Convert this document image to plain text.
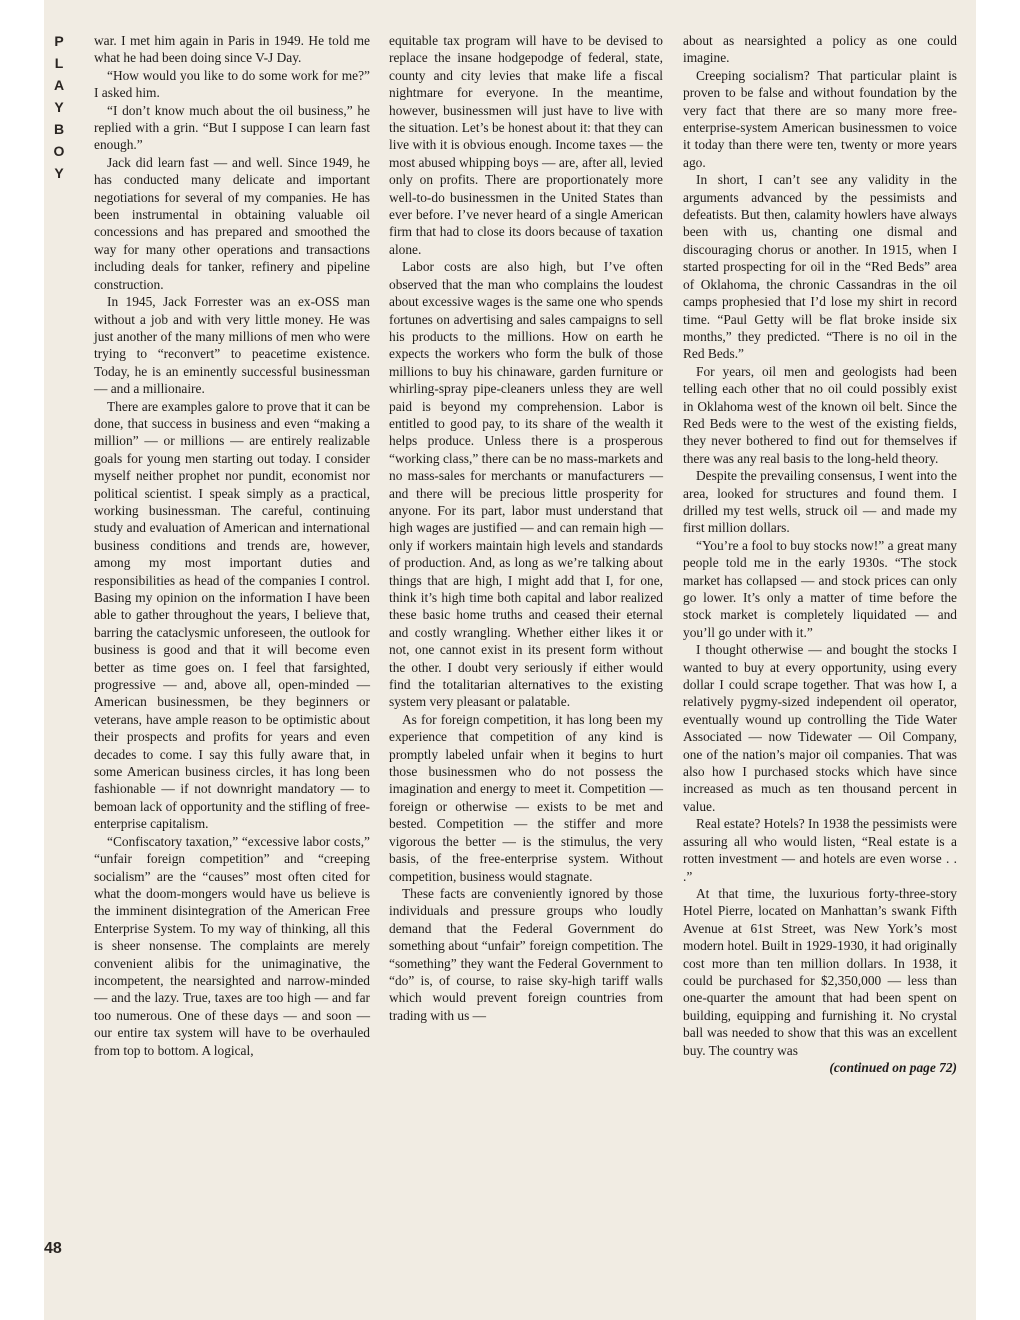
P
L
A
Y
B
O
Y
48

war. I met him again in Paris in 1949. He told me what he had been doing since V-J Day.

“How would you like to do some work for me?” I asked him.

“I don’t know much about the oil business,” he replied with a grin. “But I suppose I can learn fast enough.”

Jack did learn fast — and well. Since 1949, he has conducted many delicate and important negotiations for several of my companies. He has been instrumental in obtaining valuable oil concessions and has prepared and smoothed the way for many other operations and transactions including deals for tanker, refinery and pipeline construction.

In 1945, Jack Forrester was an ex-OSS man without a job and with very little money. He was just another of the many millions of men who were trying to “reconvert” to peacetime existence. Today, he is an eminently successful businessman — and a millionaire.

There are examples galore to prove that it can be done, that success in business and even “making a million” — or millions — are entirely realizable goals for young men starting out today. I consider myself neither prophet nor pundit, economist nor political scientist. I speak simply as a practical, working businessman. The careful, continuing study and evaluation of American and international business conditions and trends are, however, among my most important duties and responsibilities as head of the companies I control. Basing my opinion on the information I have been able to gather throughout the years, I believe that, barring the cataclysmic unforeseen, the outlook for business is good and that it will become even better as time goes on. I feel that farsighted, progressive — and, above all, open-minded — American businessmen, be they beginners or veterans, have ample reason to be optimistic about their prospects and profits for years and even decades to come. I say this fully aware that, in some American business circles, it has long been fashionable — if not downright mandatory — to bemoan lack of opportunity and the stifling of free-enterprise capitalism.

“Confiscatory taxation,” “excessive labor costs,” “unfair foreign competition” and “creeping socialism” are the “causes” most often cited for what the doom-mongers would have us believe is the imminent disintegration of the American Free Enterprise System. To my way of thinking, all this is sheer nonsense. The complaints are merely convenient alibis for the unimaginative, the incompetent, the nearsighted and narrow-minded — and the lazy. True, taxes are too high — and far too numerous. One of these days — and soon — our entire tax system will have to be overhauled from top to bottom. A logical,

equitable tax program will have to be devised to replace the insane hodgepodge of federal, state, county and city levies that make life a fiscal nightmare for everyone. In the meantime, however, businessmen will just have to live with the situation. Let’s be honest about it: that they can live with it is obvious enough. Income taxes — the most abused whipping boys — are, after all, levied only on profits. There are proportionately more well-to-do businessmen in the United States than ever before. I’ve never heard of a single American firm that had to close its doors because of taxation alone.

Labor costs are also high, but I’ve often observed that the man who complains the loudest about excessive wages is the same one who spends fortunes on advertising and sales campaigns to sell his products to the millions. How on earth he expects the workers who form the bulk of those millions to buy his chinaware, garden furniture or whirling-spray pipe-cleaners unless they are well paid is beyond my comprehension. Labor is entitled to good pay, to its share of the wealth it helps produce. Unless there is a prosperous “working class,” there can be no mass-markets and no mass-sales for merchants or manufacturers — and there will be precious little prosperity for anyone. For its part, labor must understand that high wages are justified — and can remain high — only if workers maintain high levels and standards of production. And, as long as we’re talking about things that are high, I might add that I, for one, think it’s high time both capital and labor realized these basic home truths and ceased their eternal and costly wrangling. Whether either likes it or not, one cannot exist in its present form without the other. I doubt very seriously if either would find the totalitarian alternatives to the existing system very pleasant or palatable.

As for foreign competition, it has long been my experience that competition of any kind is promptly labeled unfair when it begins to hurt those businessmen who do not possess the imagination and energy to meet it. Competition — foreign or otherwise — exists to be met and bested. Competition — the stiffer and more vigorous the better — is the stimulus, the very basis, of the free-enterprise system. Without competition, business would stagnate.

These facts are conveniently ignored by those individuals and pressure groups who loudly demand that the Federal Government do something about “unfair” foreign competition. The “something” they want the Federal Government to “do” is, of course, to raise sky-high tariff walls which would prevent foreign countries from trading with us —

about as nearsighted a policy as one could imagine.

Creeping socialism? That particular plaint is proven to be false and without foundation by the very fact that there are so many more free-enterprise-system American businessmen to voice it today than there were ten, twenty or more years ago.

In short, I can’t see any validity in the arguments advanced by the pessimists and defeatists. But then, calamity howlers have always been with us, chanting one dismal and discouraging chorus or another. In 1915, when I started prospecting for oil in the “Red Beds” area of Oklahoma, the chronic Cassandras in the oil camps prophesied that I’d lose my shirt in record time. “Paul Getty will be flat broke inside six months,” they predicted. “There is no oil in the Red Beds.”

For years, oil men and geologists had been telling each other that no oil could possibly exist in Oklahoma west of the known oil belt. Since the Red Beds were to the west of the existing fields, they never bothered to find out for themselves if there was any real basis to the long-held theory.

Despite the prevailing consensus, I went into the area, looked for structures and found them. I drilled my test wells, struck oil — and made my first million dollars.

“You’re a fool to buy stocks now!” a great many people told me in the early 1930s. “The stock market has collapsed — and stock prices can only go lower. It’s only a matter of time before the stock market is completely liquidated — and you’ll go under with it.”

I thought otherwise — and bought the stocks I wanted to buy at every opportunity, using every dollar I could scrape together. That was how I, a relatively pygmy-sized independent oil operator, eventually wound up controlling the Tide Water Associated — now Tidewater — Oil Company, one of the nation’s major oil companies. That was also how I purchased stocks which have since increased as much as ten thousand percent in value.

Real estate? Hotels? In 1938 the pessimists were assuring all who would listen, “Real estate is a rotten investment — and hotels are even worse . . .”

At that time, the luxurious forty-three-story Hotel Pierre, located on Manhattan’s swank Fifth Avenue at 61st Street, was New York’s most modern hotel. Built in 1929-1930, it had originally cost more than ten million dollars. In 1938, it could be purchased for $2,350,000 — less than one-quarter the amount that had been spent on building, equipping and furnishing it. No crystal ball was needed to show that this was an excellent buy. The country was

(continued on page 72)
